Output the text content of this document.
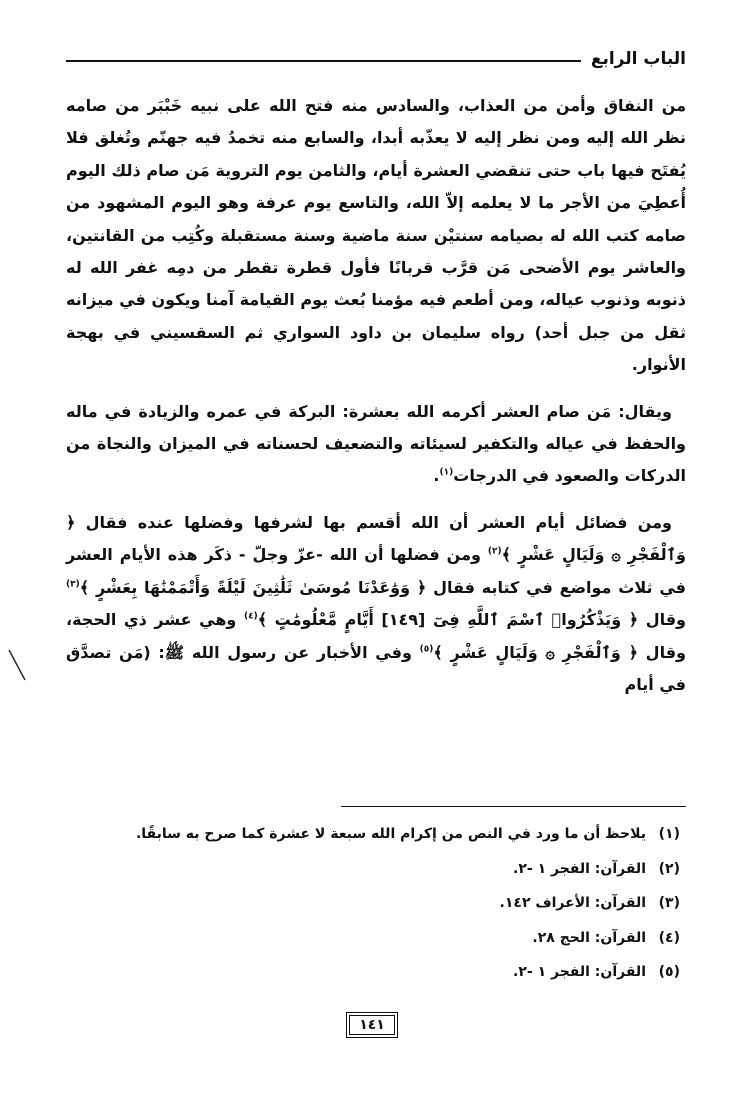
الباب الرابع

من النفاق وأمن من العذاب، والسادس منه فتح الله على نبيه خَبْبَر من صامه نظر الله إليه ومن نظر إليه لا يعذّبه أبدا، والسابع منه تخمدُ فيه جهنّم وتُغلق فلا يُفتَح فيها باب حتى تنقضي العشرة أيام، والثامن يوم التروية مَن صام ذلك اليوم أُعطِيَ من الأجر ما لا يعلمه إلاّ الله، والتاسع يوم عرفة وهو اليوم المشهود من صامه كتب الله له بصيامه سنتيْن سنة ماضية وسنة مستقبلة وكُتِب من القانتين، والعاشر يوم الأضحى مَن قرَّب قربانًا فأول قطرة تقطر من دمِه غفر الله له ذنوبه وذنوب عياله، ومن أطعم فيه مؤمنا بُعث يوم القيامة آمنا ويكون في ميزانه ثقل من جبل أحد) رواه سليمان بن داود السواري ثم السقسيني في بهجة الأنوار.

ويقال: مَن صام العشر أكرمه الله بعشرة: البركة في عمره والزيادة في ماله والحفظ في عياله والتكفير لسيئاته والتضعيف لحسناته في الميزان والنجاة من الدركات والصعود في الدرجات$^{(١)}$.

ومن فضائل أيام العشر أن الله أقسم بها لشرفها وفضلها عنده فقال ﴿ وَٱلْفَجْرِ ۞ وَلَيَالٍ عَشْرٍ ﴾$^{(٢)}$ ومن فضلها أن الله -عزّ وجلّ - ذكَر هذه الأيام العشر في ثلاث مواضع في كتابه فقال ﴿ وَوَٰعَدْنَا مُوسَىٰ ثَلَٰثِينَ لَيْلَةً وَأَتْمَمْنَٰهَا بِعَشْرٍ ﴾$^{(٣)}$ وقال ﴿ وَيَذْكُرُوا۟ ٱسْمَ ٱللَّهِ فِىٓ [١٤٩] أَيَّامٍ مَّعْلُومَٰتٍ ﴾$^{(٤)}$ وهي عشر ذي الحجة، وقال ﴿ وَٱلْفَجْرِ ۞ وَلَيَالٍ عَشْرٍ ﴾$^{(٥)}$ وفي الأخبار عن رسول الله ﷺ: (مَن تصدَّق في أيام

(١)
يلاحظ أن ما ورد في النص من إكرام الله سبعة لا عشرة كما صرح به سابقًا.
(٢)
القرآن: الفجر ١ -٢.
(٣)
القرآن: الأعراف ١٤٢.
(٤)
القرآن: الحج ٢٨.
(٥)
القرآن: الفجر ١ -٢.
١٤١
